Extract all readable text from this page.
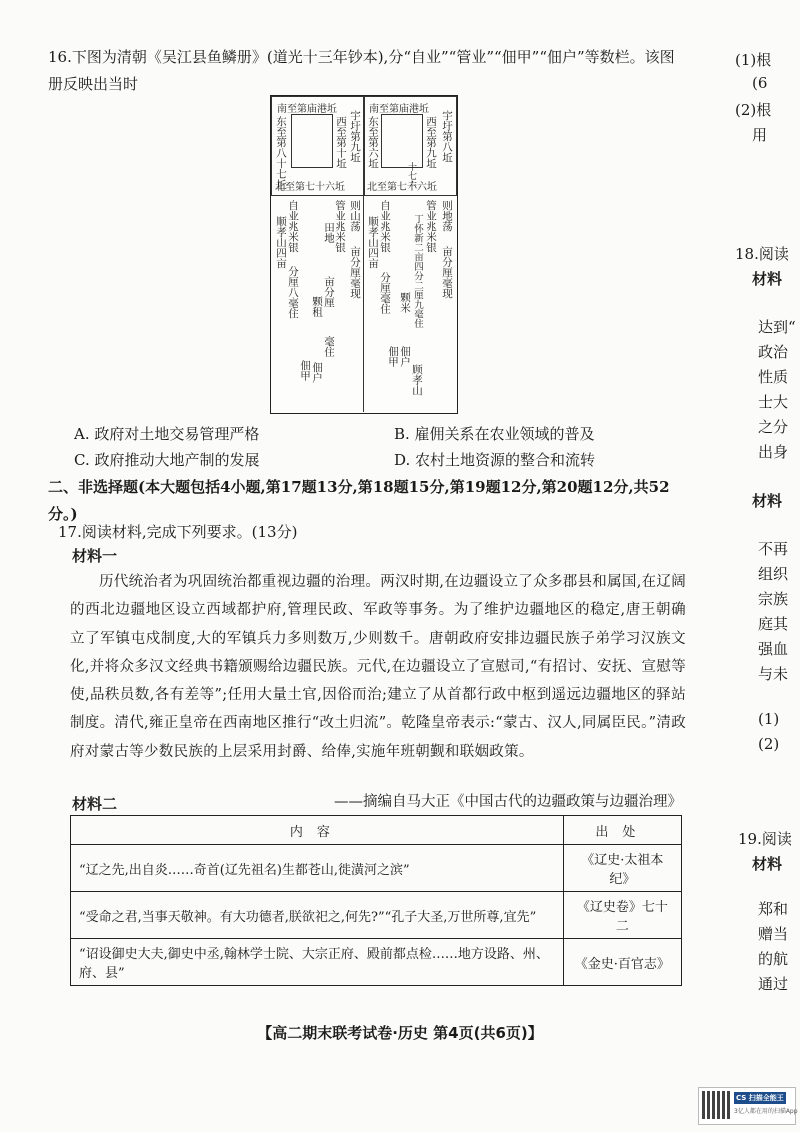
16.下图为清朝《吴江县鱼鳞册》(道光十三年钞本),分“自业”“管业”“佃甲”“佃户”等数栏。该图册反映出当时
南至第庙港坵
东至第八十七坵	西至第十坵 宇圩第九坵
北至第七十六坵
南至第庙港坵
东至第六坵	西至第九坵 宇圩第八坵
北至第七十六坵
十七六
则山荡
亩分厘毫现
管业兆米银
田地
亩分厘
毫住
颗租
佃户
自业兆米银
顺孝山四亩
分厘八毫住
佃甲
则地荡
亩分厘毫现
管业兆米银
丁怀新二亩四分二厘九毫住
颗米
佃户
顾孝山
自业兆米银
顺孝山四亩
分厘毫住
佃甲
A. 政府对土地交易管理严格	B. 雇佣关系在农业领域的普及
C. 政府推动大地产制的发展	D. 农村土地资源的整合和流转
二、非选择题(本大题包括4小题,第17题13分,第18题15分,第19题12分,第20题12分,共52分。)
17.阅读材料,完成下列要求。(13分)
材料一
历代统治者为巩固统治都重视边疆的治理。两汉时期,在边疆设立了众多郡县和属国,在辽阔的西北边疆地区设立西域都护府,管理民政、军政等事务。为了维护边疆地区的稳定,唐王朝确立了军镇屯戍制度,大的军镇兵力多则数万,少则数千。唐朝政府安排边疆民族子弟学习汉族文化,并将众多汉文经典书籍颁赐给边疆民族。元代,在边疆设立了宣慰司,“有招讨、安抚、宣慰等使,品秩员数,各有差等”;任用大量土官,因俗而治;建立了从首都行政中枢到遥远边疆地区的驿站制度。清代,雍正皇帝在西南地区推行“改土归流”。乾隆皇帝表示:“蒙古、汉人,同属臣民。”清政府对蒙古等少数民族的上层采用封爵、给俸,实施年班朝觐和联姻政策。
——摘编自马大正《中国古代的边疆政策与边疆治理》
材料二
内容	出处
“辽之先,出自炎……奇首(辽先祖名)生都苍山,徙潢河之滨”	《辽史·太祖本纪》
“受命之君,当事天敬神。有大功德者,朕欲祀之,何先?”“孔子大圣,万世所尊,宜先”	《辽史卷》七十二
“诏设御史大夫,御史中丞,翰林学士院、大宗正府、殿前都点检……地方设路、州、府、县”	《金史·百官志》
【高二期末联考试卷·历史 第4页(共6页)】
(1)根
(6
(2)根
用
18.阅读
材料
达到“
政治
性质
士大
之分
出身
材料
不再
组织
宗族
庭其
强血
与未
(1)
(2)
19.阅读
材料
郑和
赠当
的航
通过
CS 扫描全能王
3亿人都在用的扫描App
